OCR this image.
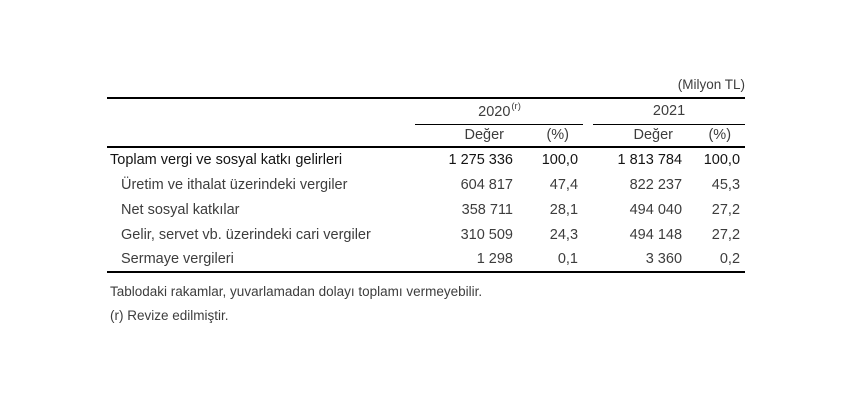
(Milyon TL)
	2020$^{(r)}$			2021	
	Değer	(%)		Değer	(%)
Toplam vergi ve sosyal katkı gelirleri	1 275 336	100,0		1 813 784	100,0
Üretim ve ithalat üzerindeki vergiler	604 817	47,4		822 237	45,3
Net sosyal katkılar	358 711	28,1		494 040	27,2
Gelir, servet vb. üzerindeki cari vergiler	310 509	24,3		494 148	27,2
Sermaye vergileri	1 298	0,1		3 360	0,2
Tablodaki rakamlar, yuvarlamadan dolayı toplamı vermeyebilir.
(r) Revize edilmiştir.
